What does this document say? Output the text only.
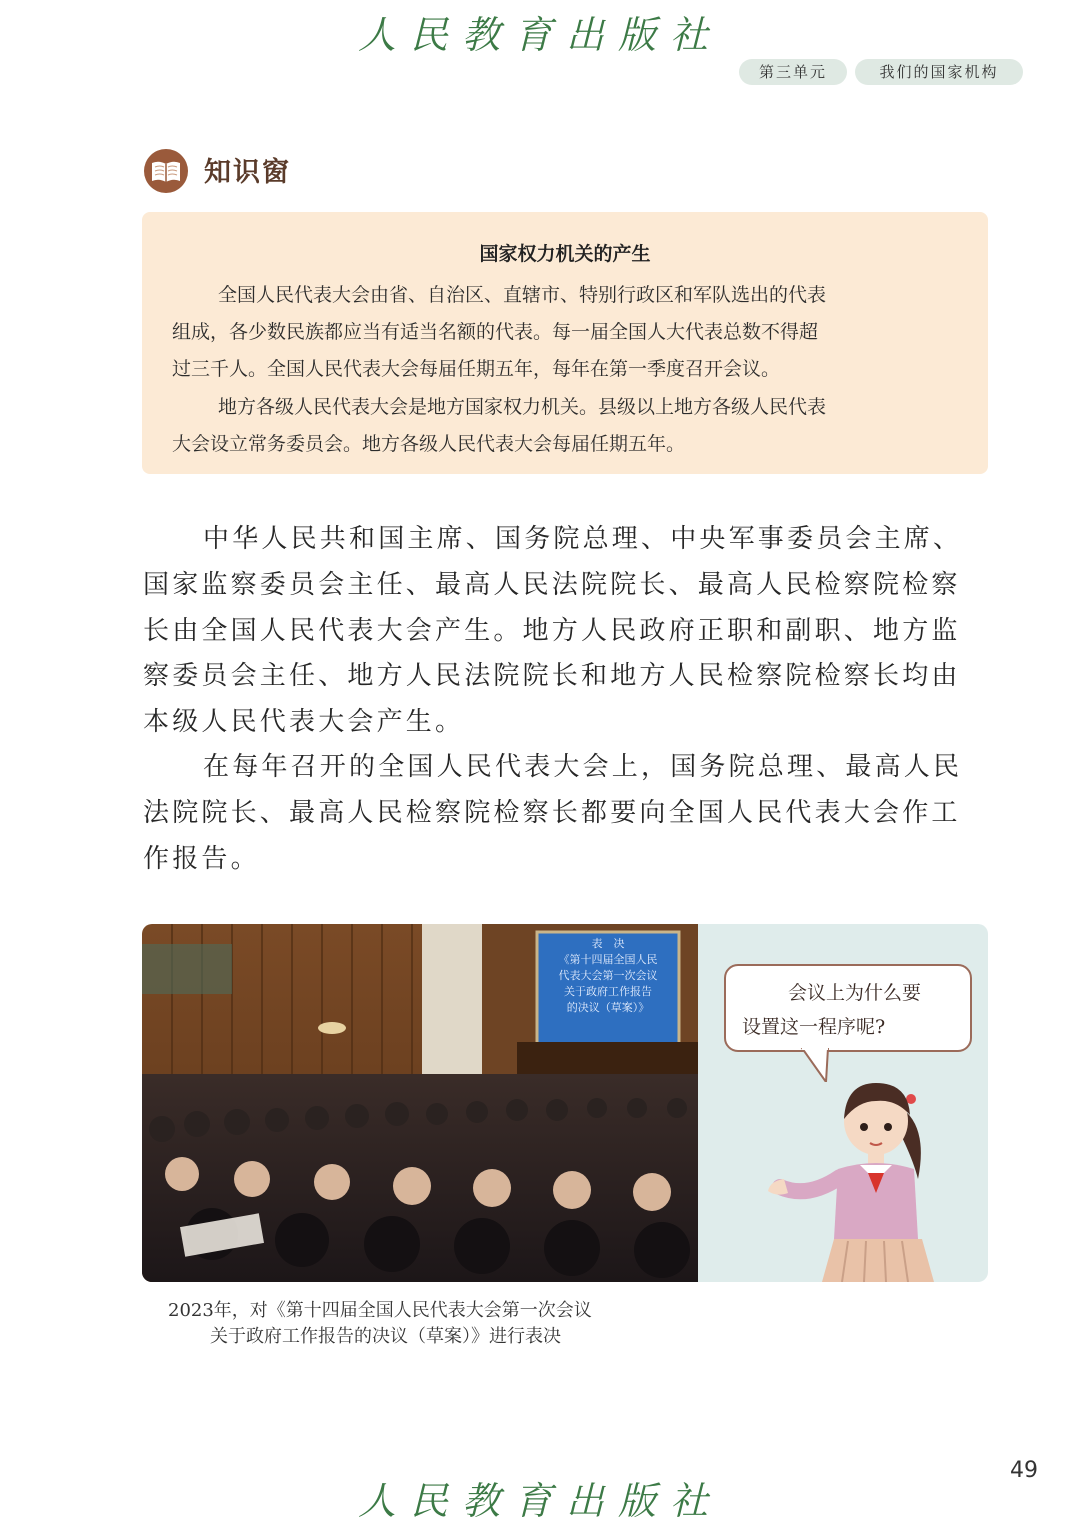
人民教育出版社
第三单元	我们的国家机构
知识窗
国家权力机关的产生
全国人民代表大会由省、自治区、直辖市、特别行政区和军队选出的代表
组成，各少数民族都应当有适当名额的代表。每一届全国人大代表总数不得超
过三千人。全国人民代表大会每届任期五年，每年在第一季度召开会议。
地方各级人民代表大会是地方国家权力机关。县级以上地方各级人民代表
大会设立常务委员会。地方各级人民代表大会每届任期五年。
中华人民共和国主席、国务院总理、中央军事委员会主席、
国家监察委员会主任、最高人民法院院长、最高人民检察院检察
长由全国人民代表大会产生。地方人民政府正职和副职、地方监
察委员会主任、地方人民法院院长和地方人民检察院检察长均由
本级人民代表大会产生。
在每年召开的全国人民代表大会上，国务院总理、最高人民
法院院长、最高人民检察院检察长都要向全国人民代表大会作工
作报告。
表　决
《第十四届全国人民
代表大会第一次会议
关于政府工作报告
的决议（草案）》
会议上为什么要
设置这一程序呢?
2023年，对《第十四届全国人民代表大会第一次会议
关于政府工作报告的决议（草案）》进行表决
49
人民教育出版社
